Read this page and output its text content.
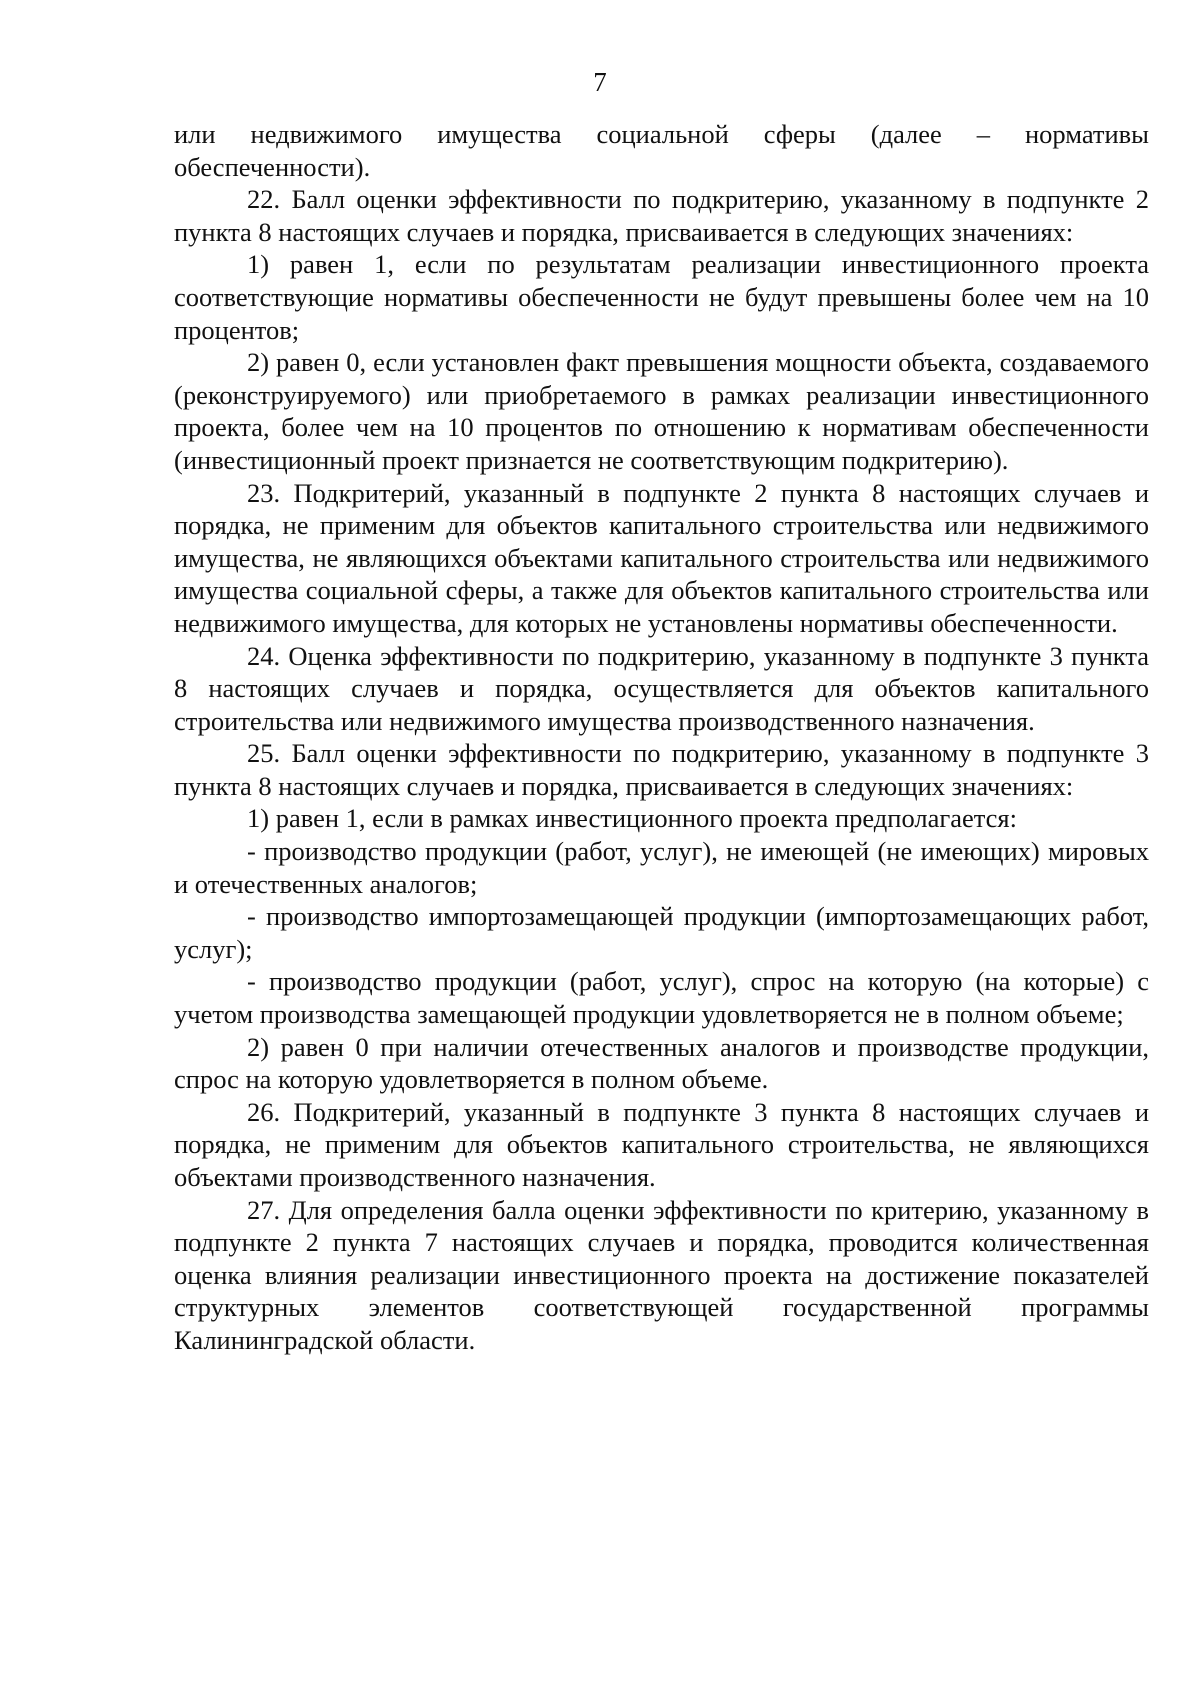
7

или недвижимого имущества социальной сферы (далее – нормативы обеспеченности).

22. Балл оценки эффективности по подкритерию, указанному в подпункте 2 пункта 8 настоящих случаев и порядка, присваивается в следующих значениях:

1) равен 1, если по результатам реализации инвестиционного проекта соответствующие нормативы обеспеченности не будут превышены более чем на 10 процентов;

2) равен 0, если установлен факт превышения мощности объекта, создаваемого (реконструируемого) или приобретаемого в рамках реализации инвестиционного проекта, более чем на 10 процентов по отношению к нормативам обеспеченности (инвестиционный проект признается не соответствующим подкритерию).

23. Подкритерий, указанный в подпункте 2 пункта 8 настоящих случаев и порядка, не применим для объектов капитального строительства или недвижимого имущества, не являющихся объектами капитального строительства или недвижимого имущества социальной сферы, а также для объектов капитального строительства или недвижимого имущества, для которых не установлены нормативы обеспеченности.

24. Оценка эффективности по подкритерию, указанному в подпункте 3 пункта 8 настоящих случаев и порядка, осуществляется для объектов капитального строительства или недвижимого имущества производственного назначения.

25. Балл оценки эффективности по подкритерию, указанному в подпункте 3 пункта 8 настоящих случаев и порядка, присваивается в следующих значениях:

1) равен 1, если в рамках инвестиционного проекта предполагается:

- производство продукции (работ, услуг), не имеющей (не имеющих) мировых и отечественных аналогов;

- производство импортозамещающей продукции (импортозамещающих работ, услуг);

- производство продукции (работ, услуг), спрос на которую (на которые) с учетом производства замещающей продукции удовлетворяется не в полном объеме;

2) равен 0 при наличии отечественных аналогов и производстве продукции, спрос на которую удовлетворяется в полном объеме.

26. Подкритерий, указанный в подпункте 3 пункта 8 настоящих случаев и порядка, не применим для объектов капитального строительства, не являющихся объектами производственного назначения.

27. Для определения балла оценки эффективности по критерию, указанному в подпункте 2 пункта 7 настоящих случаев и порядка, проводится количественная оценка влияния реализации инвестиционного проекта на достижение показателей структурных элементов соответствующей государственной программы Калининградской области.
